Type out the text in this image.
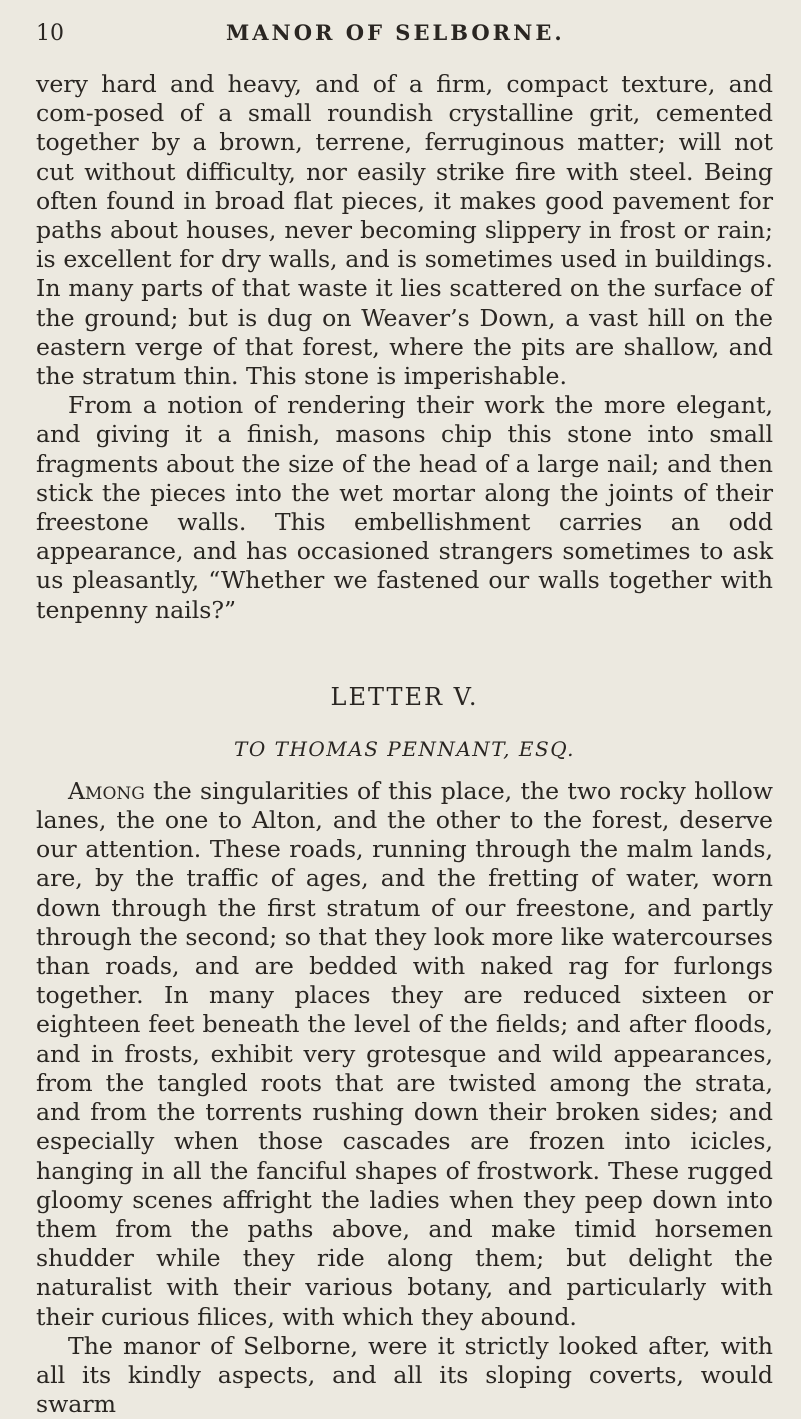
10	MANOR OF SELBORNE.

very hard and heavy, and of a firm, compact texture, and com-posed of a small roundish crystalline grit, cemented together by a brown, terrene, ferruginous matter; will not cut without difficulty, nor easily strike fire with steel. Being often found in broad flat pieces, it makes good pavement for paths about houses, never becoming slippery in frost or rain; is excellent for dry walls, and is sometimes used in buildings. In many parts of that waste it lies scattered on the surface of the ground; but is dug on Weaver’s Down, a vast hill on the eastern verge of that forest, where the pits are shallow, and the stratum thin. This stone is imperishable.

From a notion of rendering their work the more elegant, and giving it a finish, masons chip this stone into small fragments about the size of the head of a large nail; and then stick the pieces into the wet mortar along the joints of their freestone walls. This embellishment carries an odd appearance, and has occasioned strangers sometimes to ask us pleasantly, “Whether we fastened our walls together with tenpenny nails?”

LETTER V.
TO THOMAS PENNANT, ESQ.

Among the singularities of this place, the two rocky hollow lanes, the one to Alton, and the other to the forest, deserve our attention. These roads, running through the malm lands, are, by the traffic of ages, and the fretting of water, worn down through the first stratum of our freestone, and partly through the second; so that they look more like watercourses than roads, and are bedded with naked rag for furlongs together. In many places they are reduced sixteen or eighteen feet beneath the level of the fields; and after floods, and in frosts, exhibit very grotesque and wild appearances, from the tangled roots that are twisted among the strata, and from the torrents rushing down their broken sides; and especially when those cascades are frozen into icicles, hanging in all the fanciful shapes of frostwork. These rugged gloomy scenes affright the ladies when they peep down into them from the paths above, and make timid horsemen shudder while they ride along them; but delight the naturalist with their various botany, and particularly with their curious filices, with which they abound.

The manor of Selborne, were it strictly looked after, with all its kindly aspects, and all its sloping coverts, would swarm
